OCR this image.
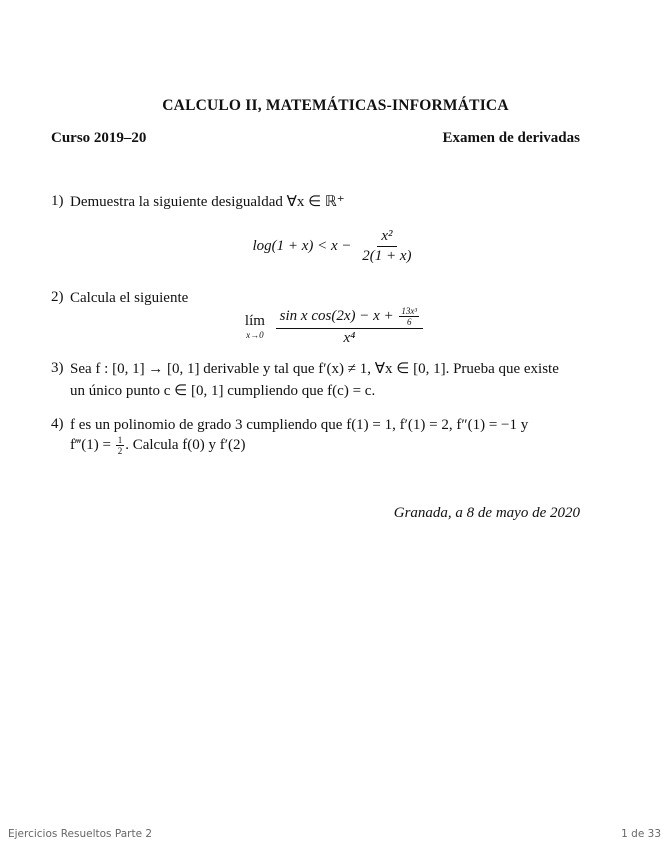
CALCULO II, MATEMÁTICAS-INFORMÁTICA
Curso 2019–20	Examen de derivadas
1) Demuestra la siguiente desigualdad ∀x ∈ ℝ⁺
$\log(1 + x) < x - \frac{\text{x²}}{2(1 + x)}$
2) Calcula el siguiente
lím
x→0
$\frac{\sin x \cos(2x) - x + \frac{\text{13x³}}{6}}{\text{x⁴}}$
3) Sea f : [0, 1] → [0, 1] derivable y tal que f′(x) ≠ 1, ∀x ∈ [0, 1]. Prueba que existe
un único punto c ∈ [0, 1] cumpliendo que f(c) = c.
4) f es un polinomio de grado 3 cumpliendo que f(1) = 1, f′(1) = 2, f″(1) = −1 y
f‴(1) = $\frac{1}{2}$ . Calcula f(0) y f′(2)
Granada, a 8 de mayo de 2020
Ejercicios Resueltos Parte 2	1 de 33
